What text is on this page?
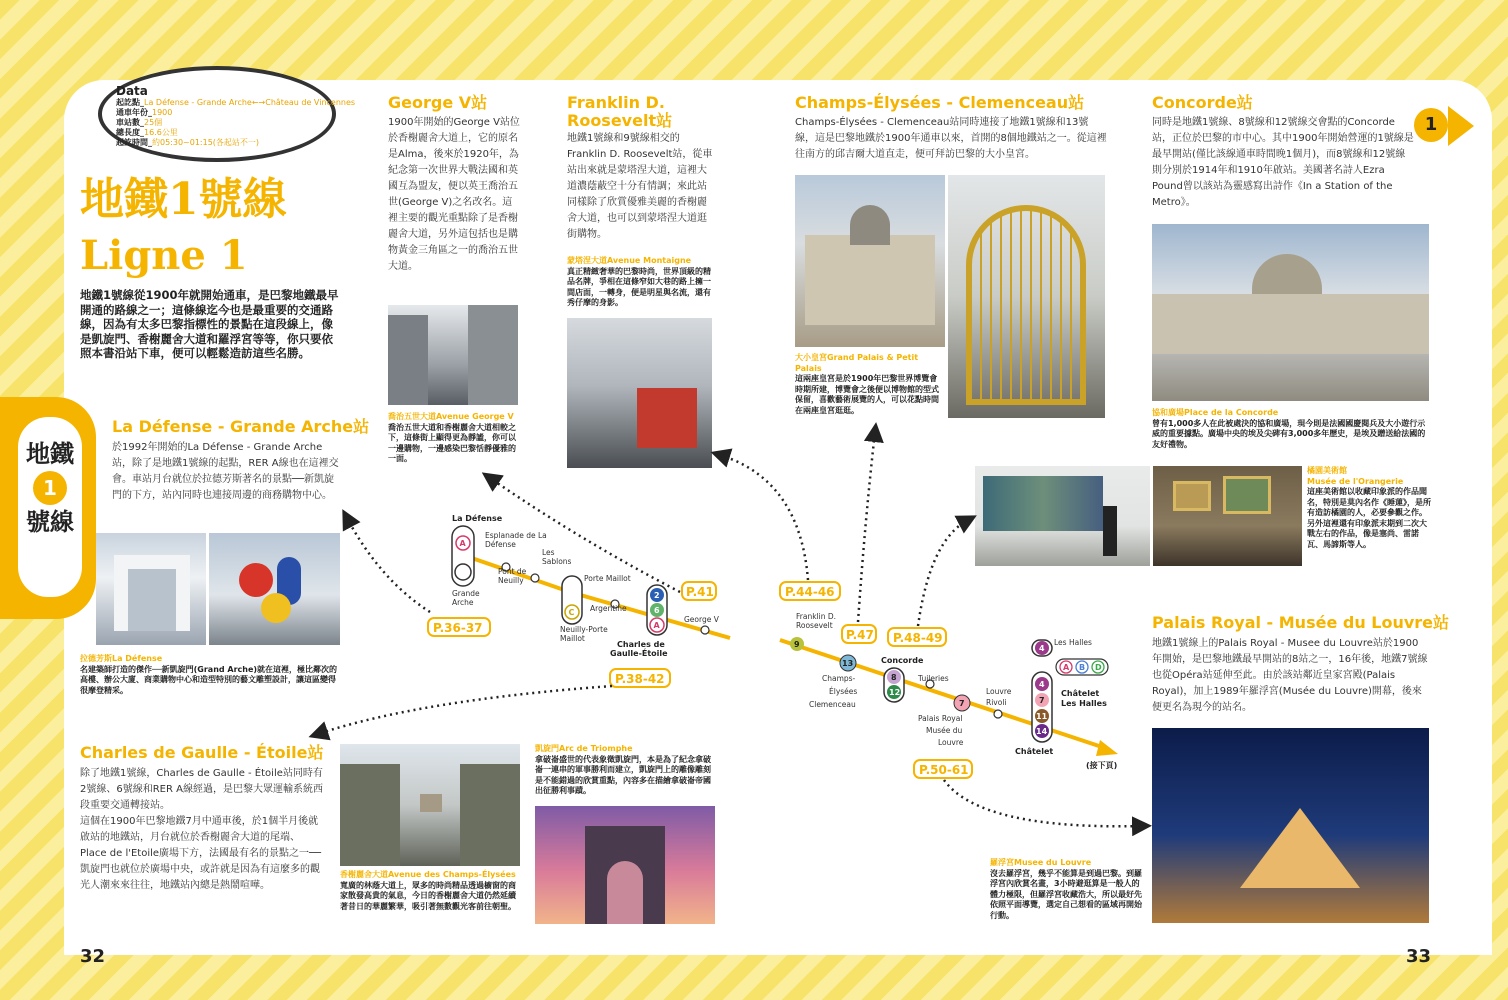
Data
起訖點_La Défense - Grande Arche←→Château de Vincennes
通車年份_1900
車站數_25個
總長度_16.6公里
起訖時間_約05:30~01:15(各起站不一)
地鐵1號線
Ligne 1
地鐵1號線從1900年就開始通車，是巴黎地鐵最早開通的路線之一；這條線迄今也是最重要的交通路線，因為有太多巴黎指標性的景點在這段線上，像是凱旋門、香榭麗舍大道和羅浮宮等等，你只要依照本書沿站下車，便可以輕鬆造訪這些名勝。
地鐵
1
號線
La Défense - Grande Arche站
於1992年開始的La Défense - Grande Arche站，除了是地鐵1號線的起點，RER A線也在這裡交會。車站月台就位於拉德芳斯著名的景點──新凱旋門的下方，站內同時也連接周邊的商務購物中心。
拉德芳斯La Défense
名建築師打造的傑作──新凱旋門(Grand Arche)就在這裡，極比鄰次的高樓、辦公大廈、商業購物中心和造型特別的藝文雕塑設計，讓這區變得很摩登精采。
George V站
1900年開始的George V站位於香榭麗舍大道上，它的原名是Alma，後來於1920年，為紀念第一次世界大戰法國和英國互為盟友，便以英王喬治五世(George V)之名改名。這裡主要的觀光重點除了是香榭麗舍大道，另外這包括也是購物黃金三角區之一的喬治五世大道。
喬治五世大道Avenue George V
喬治五世大道和香榭麗舍大道相較之下，這條街上顯得更為靜謐，你可以一邊購物，一邊感染巴黎恬靜優雅的一面。
Franklin D.
Roosevelt站
地鐵1號線和9號線相交的Franklin D. Roosevelt站，從車站出來就是蒙塔涅大道，這裡大道濃蔭蔽空十分有情調；來此站同樣除了欣賞優雅美麗的香榭麗舍大道，也可以到蒙塔涅大道逛街購物。
蒙塔涅大道Avenue Montaigne
真正精緻奢華的巴黎時尚，世界頂級的精品名牌，爭相在這條窄如大巷的路上擁一間店面，一轉身，便是明星與名流，還有秀仔摩的身影。
Champs-Élysées - Clemenceau站
Champs-Élysées - Clemenceau站同時連接了地鐵1號線和13號線，這是巴黎地鐵於1900年通車以來，首開的8個地鐵站之一。從這裡往南方的邱吉爾大道直走，便可拜訪巴黎的大小皇宮。
大小皇宮Grand Palais & Petit Palais
這兩座皇宮是於1900年巴黎世界博覽會時期所建，博覽會之後便以博物館的型式保留，喜歡藝術展覽的人，可以花點時間在兩座皇宮逛逛。
Concorde站
同時是地鐵1號線、8號線和12號線交會點的Concorde站，正位於巴黎的市中心。其中1900年開始營運的1號線是最早開站(僅比該線通車時間晚1個月)，而8號線和12號線則分別於1914年和1910年啟站。美國著名詩人Ezra Pound曾以該站為靈感寫出詩作《In a Station of the Metro》。
1
協和廣場Place de la Concorde
曾有1,000多人在此被處決的協和廣場，現今則是法國國慶閱兵及大小遊行示威的重要據點。廣場中央的埃及尖碑有3,000多年歷史，是埃及贈送給法國的友好禮物。
橘園美術館
Musée de l'Orangerie
這座美術館以收藏印象派的作品聞名，特別是莫內名作《睡蓮》，是所有造訪橘園的人，必要參觀之作。另外這裡還有印象派末期到二次大戰左右的作品，像是塞尚、雷諾瓦、馬諦斯等人。
Palais Royal - Musée du Louvre站
地鐵1號線上的Palais Royal - Musee du Louvre站於1900年開始，是巴黎地鐵最早開站的8站之一，16年後，地鐵7號線也從Opéra站延伸至此。由於該站鄰近皇家宮殿(Palais Royal)，加上1989年羅浮宮(Musée du Louvre)開幕，後來便更名為現今的站名。
羅浮宮Musee du Louvre
沒去羅浮宮，幾乎不能算是到過巴黎。到羅浮宮內欣賞名畫，3小時避逛算是一般人的體力極限，但羅浮宮收藏浩大，所以最好先依照平面導覽，選定自己想看的區域再開始行動。
Charles de Gaulle - Étoile站
除了地鐵1號線，Charles de Gaulle - Étoile站同時有2號線、6號線和RER A線經過，是巴黎大眾運輸系統西段重要交通轉接站。
這個在1900年巴黎地鐵7月中通車後，於1個半月後就啟站的地鐵站，月台就位於香榭麗舍大道的尾端、Place de l'Etoile廣場下方，法國最有名的景點之一──凱旋門也就位於廣場中央，或許就是因為有這麼多的觀光人潮來來往往，地鐵站內總是熱鬧喧嘩。
香榭麗舍大道Avenue des Champs-Élysées
寬廣的林蔭大道上，眾多的時尚精品透過櫥窗的商家散發高貴的氣息，今日的香榭麗舍大道仍然延續著昔日的華麗繁華，吸引著無數觀光客前往朝聖。
凱旋門Arc de Triomphe
拿破崙盛世的代表象徵凱旋門，本是為了紀念拿破崙一連串的軍事勝利而建立，凱旋門上的雕像雕刻是不能錯過的欣賞重點，內容多在描繪拿破崙帝國出征勝利事蹟。
32	33
A
La Défense
Esplanade de La
Défense
Les
Sablons
Pont de
Neuilly
Grande
Arche
C
Porte Maillot
Argentine
Neuilly-Porte
Maillot
2
6
A
Charles de
Gaulle-Étoile
George V
9
Franklin D.
Roosevelt
13
Champs-
Élysées
Clemenceau
8
12
Concorde
Tuileries
7
Palais Royal
Musée du
Louvre
Louvre
Rivoli
4
7
11
14
4
Les Halles
A B D
Châtelet
Les Halles
Châtelet
(接下頁)
P.36-37
P.41
P.38-42
P.44-46
P.47 P.48-49
P.50-61
